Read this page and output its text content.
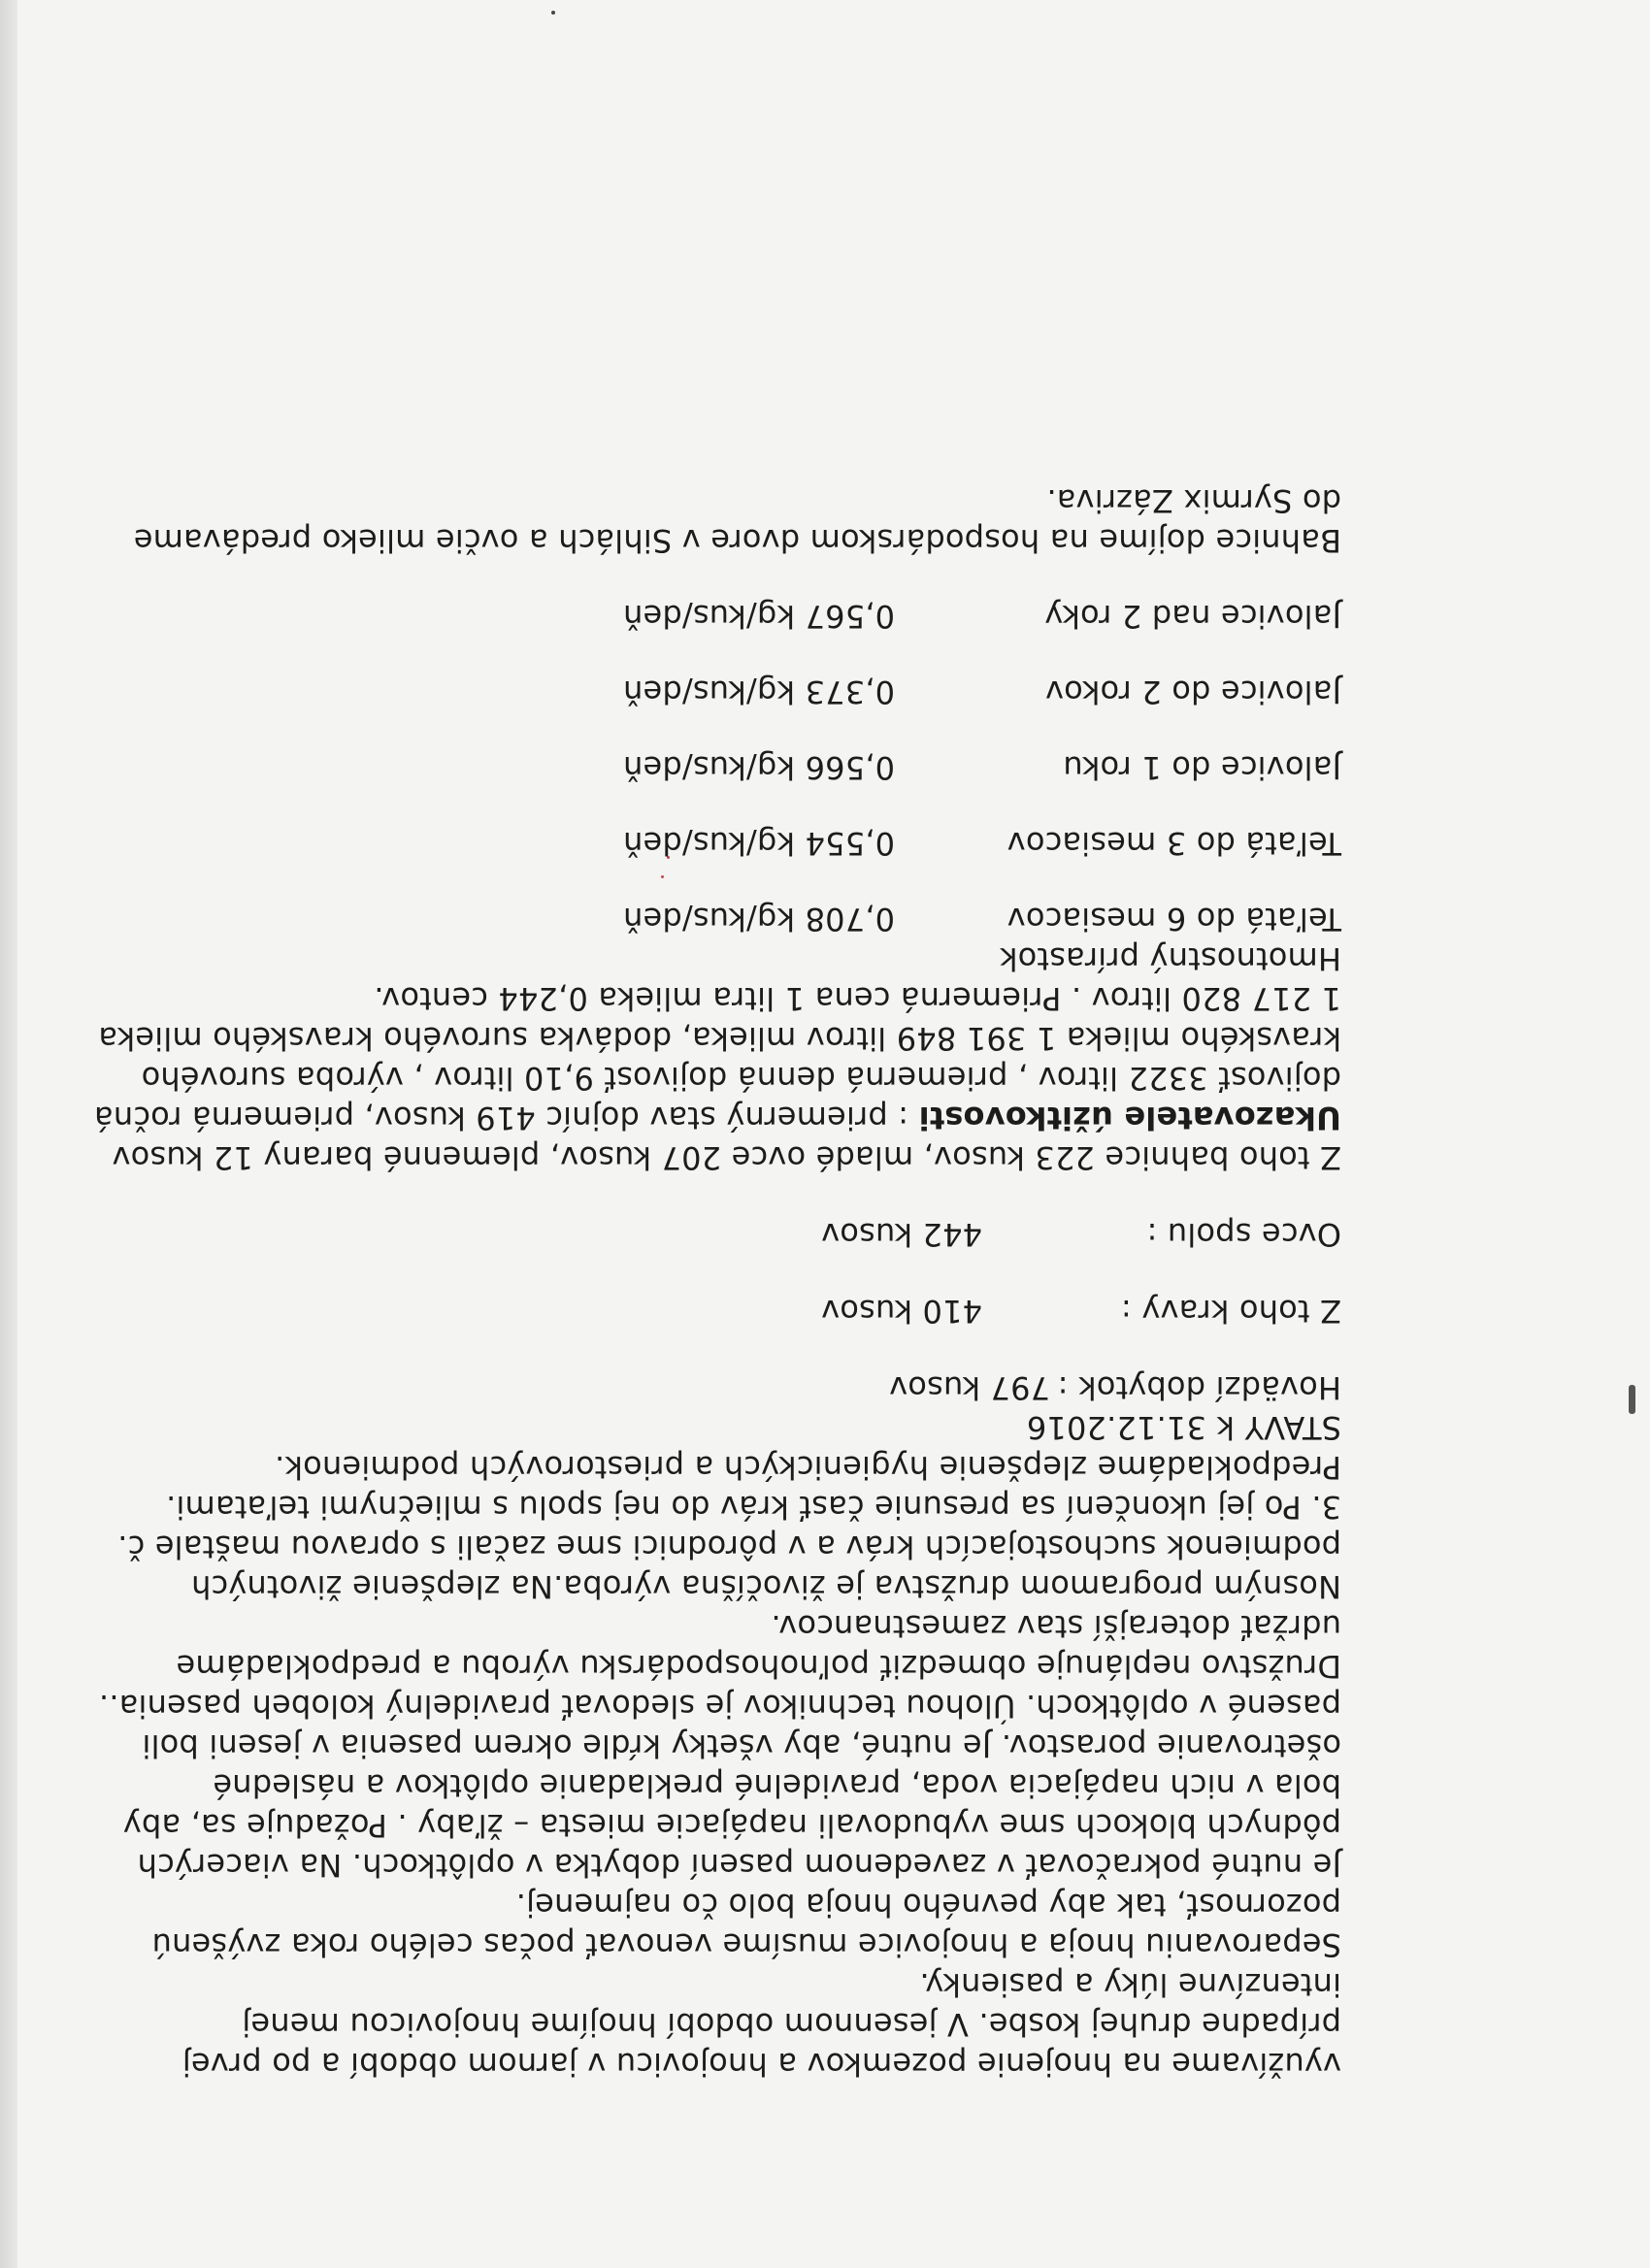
využívame na hnojenie pozemkov a hnojovicu v jarnom období a po prvej prípadne druhej kosbe. V jesennom období hnojíme hnojovicou menej intenzívne lúky a pasienky.

Separovaniu hnoja a hnojovice musíme venovať počas celého roka zvýšenú pozornosť, tak aby pevného hnoja bolo čo najmenej.

Je nutné pokračovať v zavedenom pasení dobytka v oplôtkoch. Na viacerých pôdnych blokoch sme vybudovali napájacie miesta – žľaby . Požaduje sa, aby bola v nich napájacia voda, pravidelné prekladanie oplôtkov a následné ošetrovanie porastov. Je nutné, aby všetky kŕdle okrem pasenia v jeseni boli pasené v oplôtkoch. Úlohou technikov je sledovať pravidelný kolobeh pasenia..

Družstvo neplánuje obmedziť poľnohospodársku výrobu a predpokladáme udržať doterajší stav zamestnancov.

Nosným programom družstva je živočíšna výroba.Na zlepšenie životných podmienok suchostojacích kráv a v pôrodnici sme začali s opravou maštale č. 3. Po jej ukončení sa presunie časť kráv do nej spolu s mliečnymi teľatami. Predpokladáme zlepšenie hygienických a priestorových podmienok.

STAVY k 31.12.2016

Hovädzí dobytok :
797 kusov
Z toho kravy :
410 kusov
Ovce spolu :
442 kusov

Z toho bahnice 223 kusov, mladé ovce 207 kusov, plemenné barany 12 kusov

Ukazovatele úžitkovosti : priemerný stav dojníc 419 kusov, priemerná ročná dojivosť 3322 litrov , priemerná denná dojivosť 9,10 litrov , výroba surového kravského mlieka 1 391 849 litrov mlieka, dodávka surového kravského mlieka 1 217 820 litrov . Priemerná cena 1 litra mlieka 0,244 centov.

Hmotnostný prírastok

Teľatá do 6 mesiacov
0,708 kg/kus/deň
Teľatá do 3 mesiacov
0,554 kg/kus/deň
Jalovice do 1 roku
0,566 kg/kus/deň
Jalovice do 2 rokov
0,373 kg/kus/deň
Jalovice nad 2 roky
0,567 kg/kus/deň

Bahnice dojíme na hospodárskom dvore v Sihlách a ovčie mlieko predávame do Syrmix Zázriva.
